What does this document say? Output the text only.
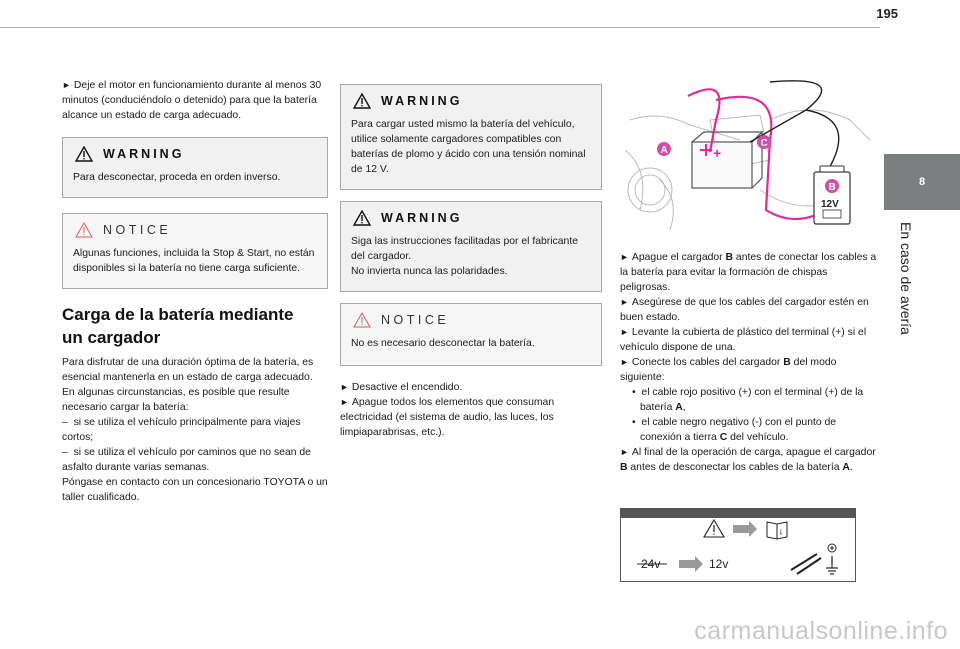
195
8
En caso de avería

► Deje el motor en funcionamiento durante al menos 30 minutos (conduciéndolo o detenido) para que la batería alcance un estado de carga adecuado.

WARNING

Para desconectar, proceda en orden inverso.

NOTICE

Algunas funciones, incluida la Stop & Start, no están disponibles si la batería no tiene carga suficiente.

Carga de la batería mediante
un cargador

Para disfrutar de una duración óptima de la batería, es esencial mantenerla en un estado de carga adecuado.

En algunas circunstancias, es posible que resulte necesario cargar la batería:

–  si se utiliza el vehículo principalmente para viajes cortos;

–  si se utiliza el vehículo por caminos que no sean de asfalto durante varias semanas.

Póngase en contacto con un concesionario TOYOTA o un taller cualificado.

WARNING

Para cargar usted mismo la batería del vehículo, utilice solamente cargadores compatibles con baterías de plomo y ácido con una tensión nominal de 12 V.

WARNING

Siga las instrucciones facilitadas por el fabricante del cargador.

No invierta nunca las polaridades.

NOTICE

No es necesario desconectar la batería.

► Desactive el encendido.

► Apague todos los elementos que consuman electricidad (el sistema de audio, las luces, los limpiaparabrisas, etc.).

+
A
C
12V
B

► Apague el cargador B antes de conectar los cables a la batería para evitar la formación de chispas peligrosas.

► Asegúrese de que los cables del cargador estén en buen estado.

► Levante la cubierta de plástico del terminal (+) si el vehículo dispone de una.

► Conecte los cables del cargador B del modo siguiente:

•  el cable rojo positivo (+) con el terminal (+) de la batería A,

•  el cable negro negativo (-) con el punto de conexión a tierra C del vehículo.

► Al final de la operación de carga, apague el cargador B antes de desconectar los cables de la batería A.

i
24v	12v
carmanualsonline.info
